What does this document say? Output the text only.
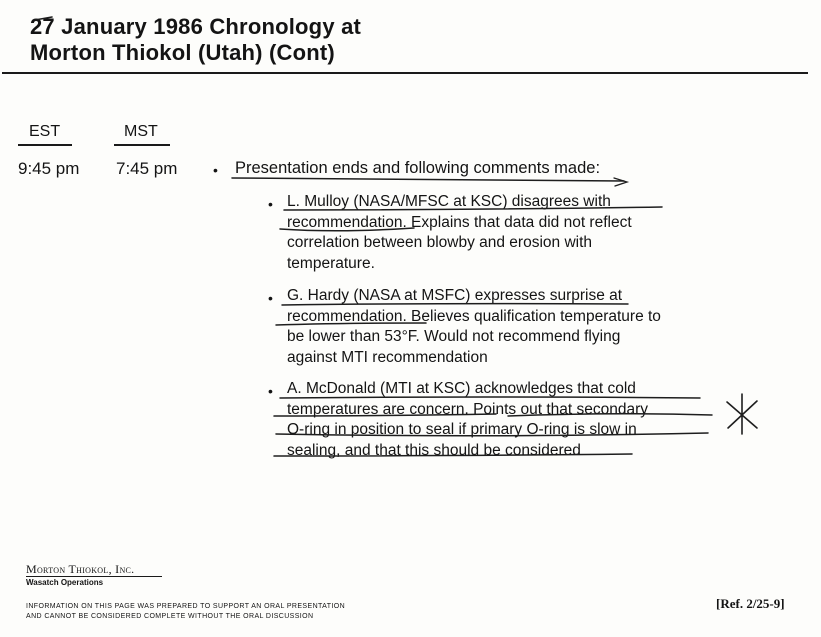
27 January 1986 Chronology at
Morton Thiokol (Utah) (Cont)
EST	MST
9:45 pm 7:45 pm	• Presentation ends and following comments made:
• L. Mulloy (NASA/MFSC at KSC) disagrees with
recommendation. Explains that data did not reflect
correlation between blowby and erosion with
temperature.
• G. Hardy (NASA at MSFC) expresses surprise at
recommendation. Believes qualification temperature to
be lower than 53°F. Would not recommend flying
against MTI recommendation
• A. McDonald (MTI at KSC) acknowledges that cold
temperatures are concern. Points out that secondary
O-ring in position to seal if primary O-ring is slow in
sealing, and that this should be considered
Morton Thiokol, Inc.
Wasatch Operations
INFORMATION ON THIS PAGE WAS PREPARED TO SUPPORT AN ORAL PRESENTATION
AND CANNOT BE CONSIDERED COMPLETE WITHOUT THE ORAL DISCUSSION
[Ref. 2/25-9]
